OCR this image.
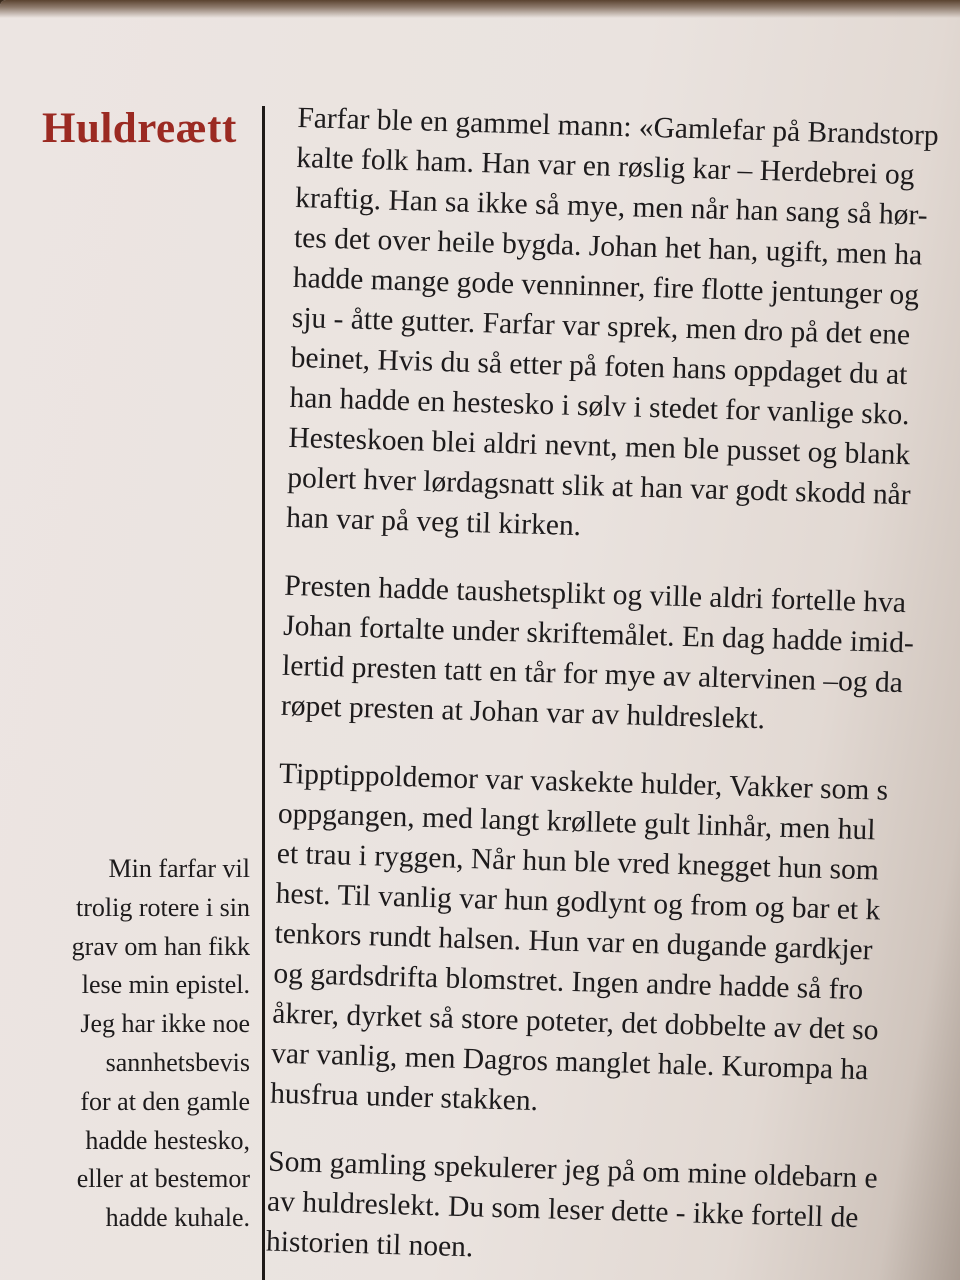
Huldreætt

Min farfar vil
trolig rotere i sin
grav om han fikk
lese min epistel.
Jeg har ikke noe
sannhetsbevis
for at den gamle
hadde hestesko,
eller at bestemor
hadde kuhale.

Farfar ble en gammel mann: «Gamlefar på Brandstorp
kalte folk ham. Han var en røslig kar – Herdebrei og
kraftig. Han sa ikke så mye, men når han sang så hør-
tes det over heile bygda. Johan het han, ugift, men ha
hadde mange gode venninner, fire flotte jentunger og
sju - åtte gutter. Farfar var sprek, men dro på det ene
beinet, Hvis du så etter på foten hans oppdaget du at
han hadde en hestesko i sølv i stedet for vanlige sko.
Hesteskoen blei aldri nevnt, men ble pusset og blank
polert hver lørdagsnatt slik at han var godt skodd når
han var på veg til kirken.

Presten hadde taushetsplikt og ville aldri fortelle hva
Johan fortalte under skriftemålet. En dag hadde imid-
lertid presten tatt en tår for mye av altervinen –og da
røpet presten at Johan var av huldreslekt.

Tipptippoldemor var vaskekte hulder, Vakker som s
oppgangen, med langt krøllete gult linhår, men hul
et trau i ryggen, Når hun ble vred knegget hun som
hest. Til vanlig var hun godlynt og from og bar et k
tenkors rundt halsen. Hun var en dugande gardkjer
og gardsdrifta blomstret. Ingen andre hadde så fro
åkrer, dyrket så store poteter, det dobbelte av det so
var vanlig, men Dagros manglet hale. Kurompa ha
husfrua under stakken.

Som gamling spekulerer jeg på om mine oldebarn e
av huldreslekt. Du som leser dette - ikke fortell de
historien til noen.
